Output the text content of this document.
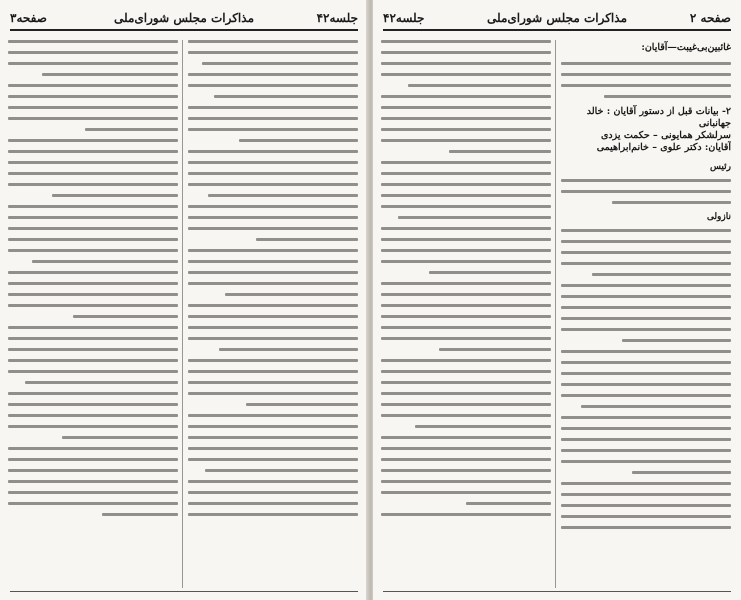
صفحه۳	مذاکرات مجلس شورای‌ملی	جلسه۴۲ جلسه۴۲	مذاکرات مجلس شورای‌ملی	صفحه ۲
غائبین‌بی‌غیبت—آقایان:
۲- بیانات قبل از دستور آقایان : خالد جهانبانی
سرلشکر همایونی – حکمت یزدی
آقایان: دکتر علوی – خانم‌ابراهیمی
رئیس
نازولی
